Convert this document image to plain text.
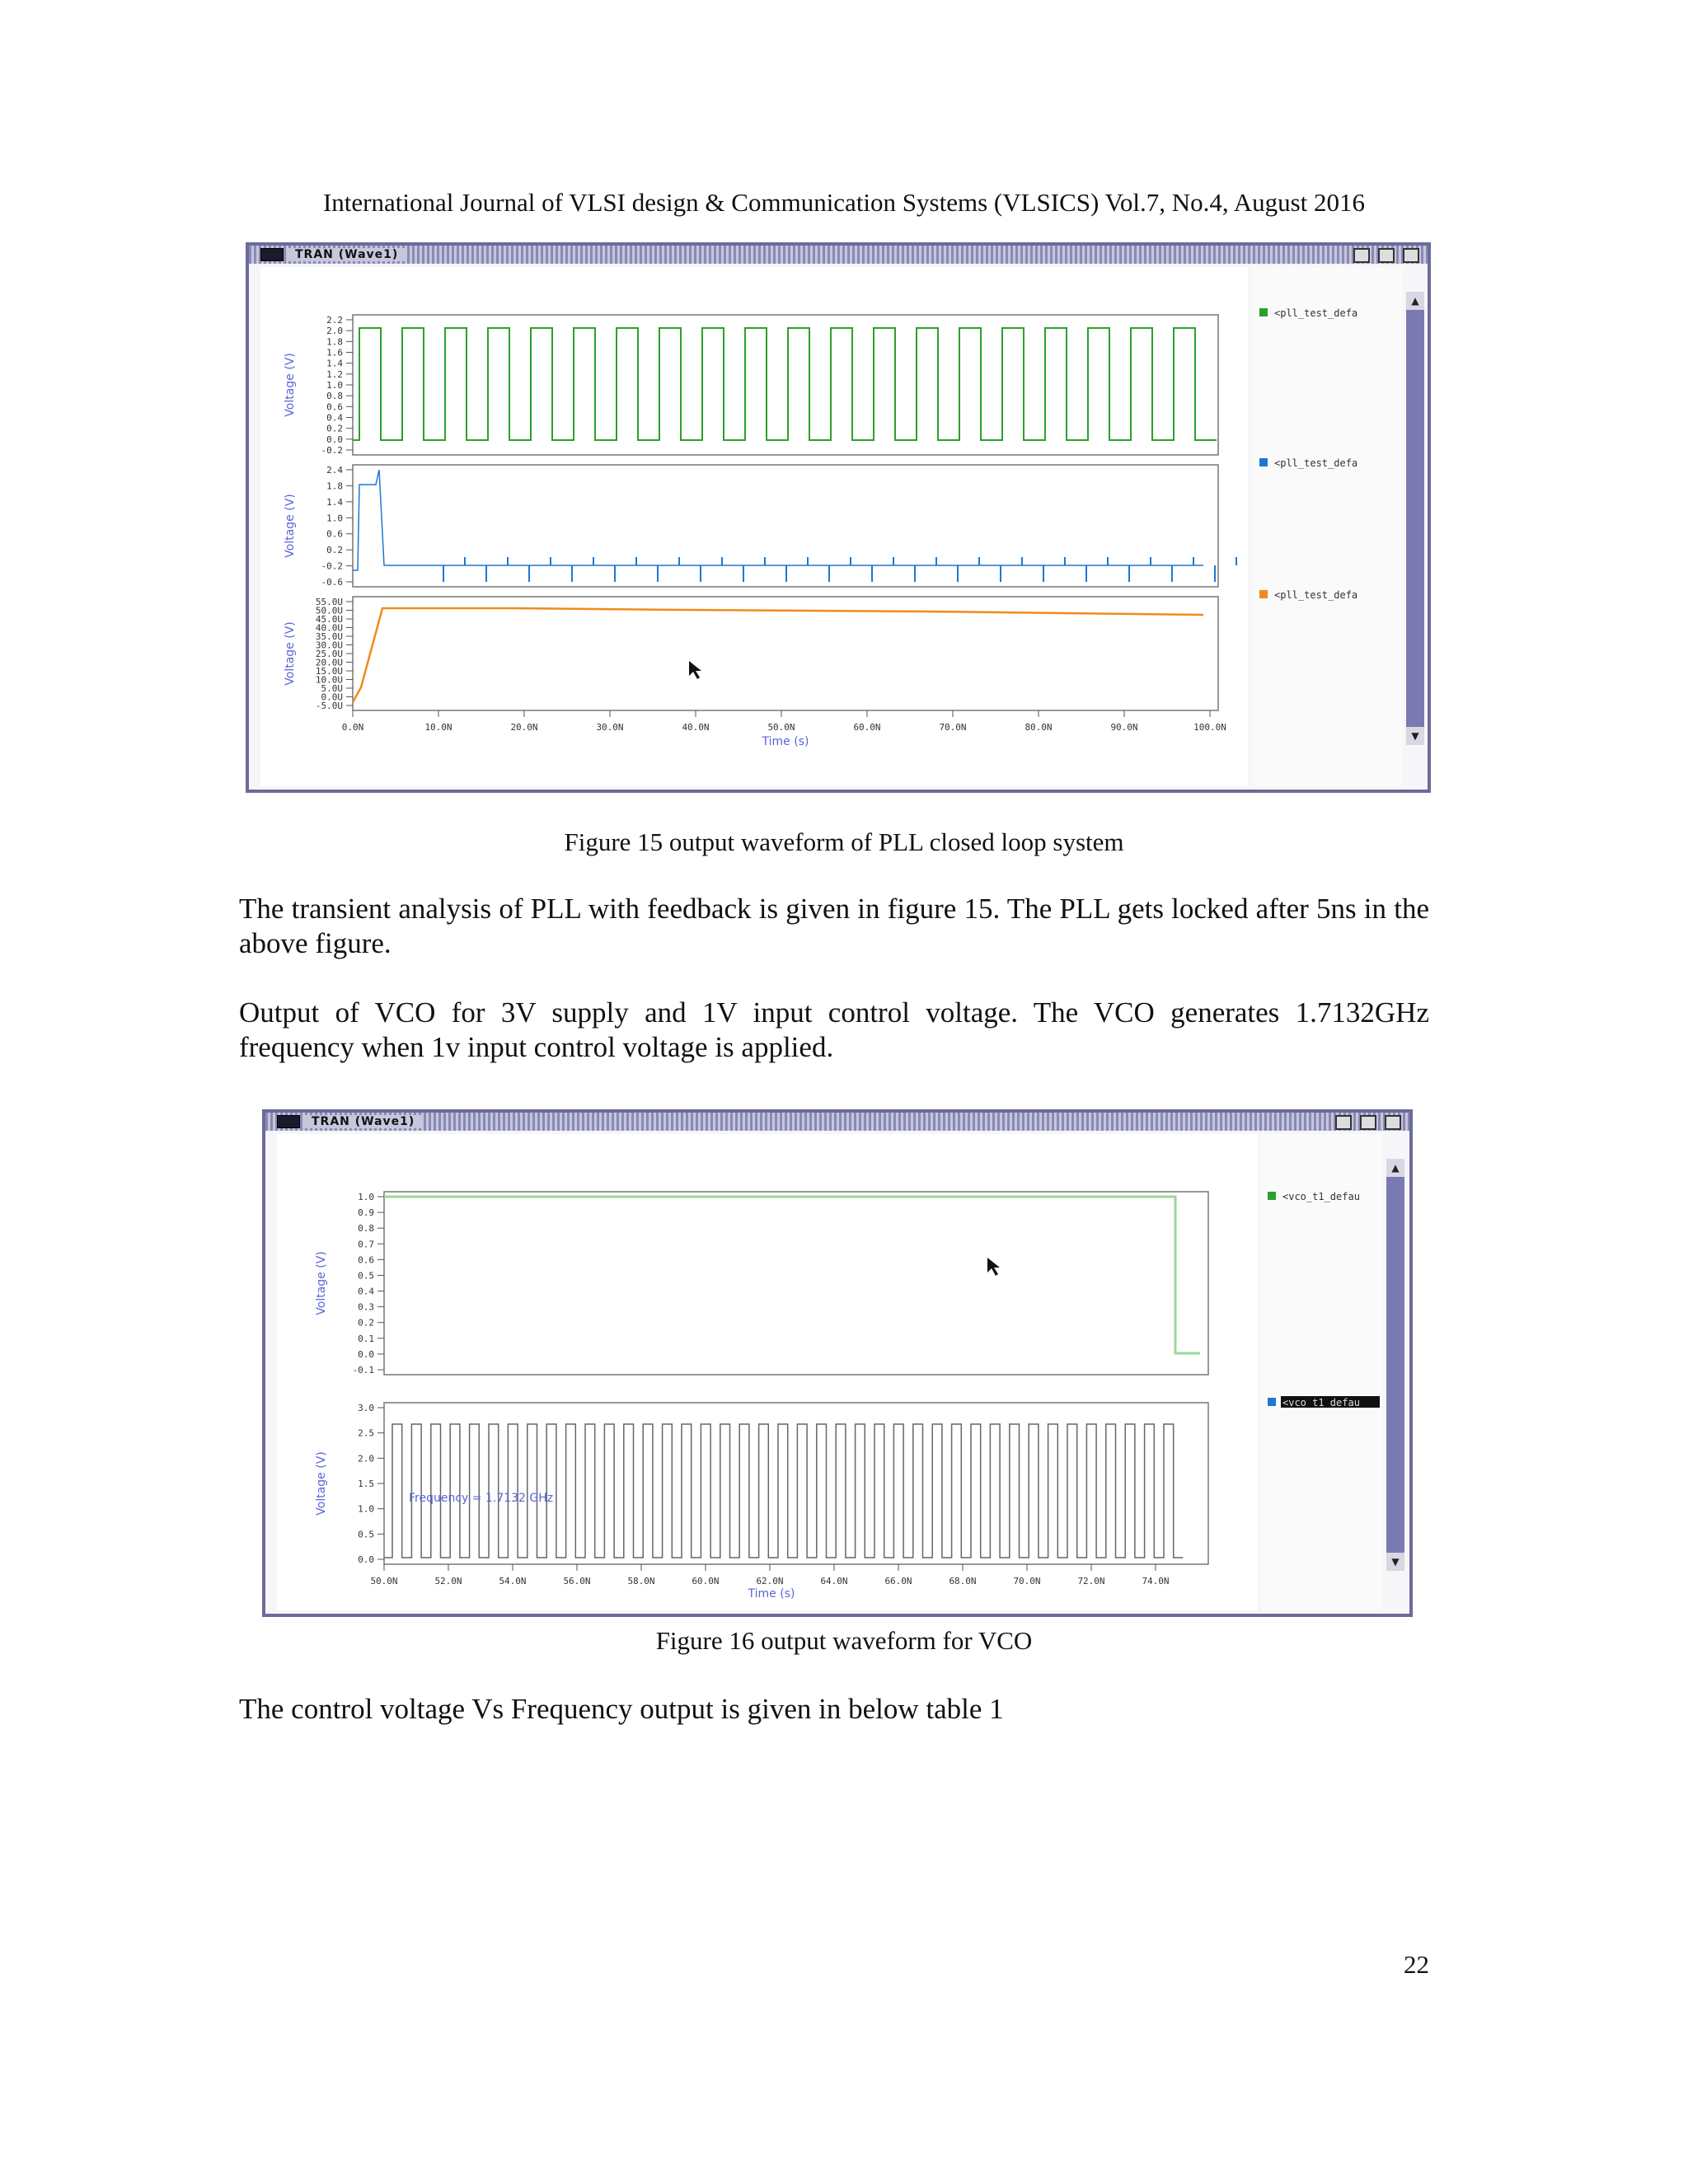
International Journal of VLSI design & Communication Systems (VLSICS) Vol.7, No.4, August 2016
TRAN (Wave1)
2.2
2.0
1.8
1.6
1.4
1.2
1.0
0.8
0.6
0.4
0.2
0.0
-0.2
Voltage (V)
2.4
1.8
1.4
1.0
0.6
0.2
-0.2
-0.6
Voltage (V)
55.0U
50.0U
45.0U
40.0U
35.0U
30.0U
25.0U
20.0U
15.0U
10.0U
5.0U
0.0U
-5.0U
Voltage (V)
0.0N	10.0N	20.0N	30.0N	40.0N	50.0N	60.0N	70.0N	80.0N	90.0N	100.0N
Time (s)
<pll_test_defa
<pll_test_defa
<pll_test_defa
▲
▼
Figure 15 output waveform of PLL closed loop system
The transient analysis of PLL with feedback is given in figure 15. The PLL gets locked after 5ns in the above figure.
Output of VCO for 3V supply and 1V input control voltage. The VCO generates 1.7132GHz frequency when 1v input control voltage is applied.
TRAN (Wave1)
1.0
0.9
0.8
0.7
0.6
0.5
0.4
0.3
0.2
0.1
0.0
-0.1
Voltage (V)
3.0
2.5
2.0
1.5
1.0
0.5
0.0
Voltage (V)	Frequency = 1.7132 GHz
50.0N	52.0N	54.0N	56.0N	58.0N	60.0N	62.0N	64.0N	66.0N	68.0N	70.0N	72.0N	74.0N
Time (s)
<vco_t1_defau
<vco_t1_defau
▲
▼
Figure 16 output waveform for VCO
The control voltage Vs Frequency output is given in below table 1
22
